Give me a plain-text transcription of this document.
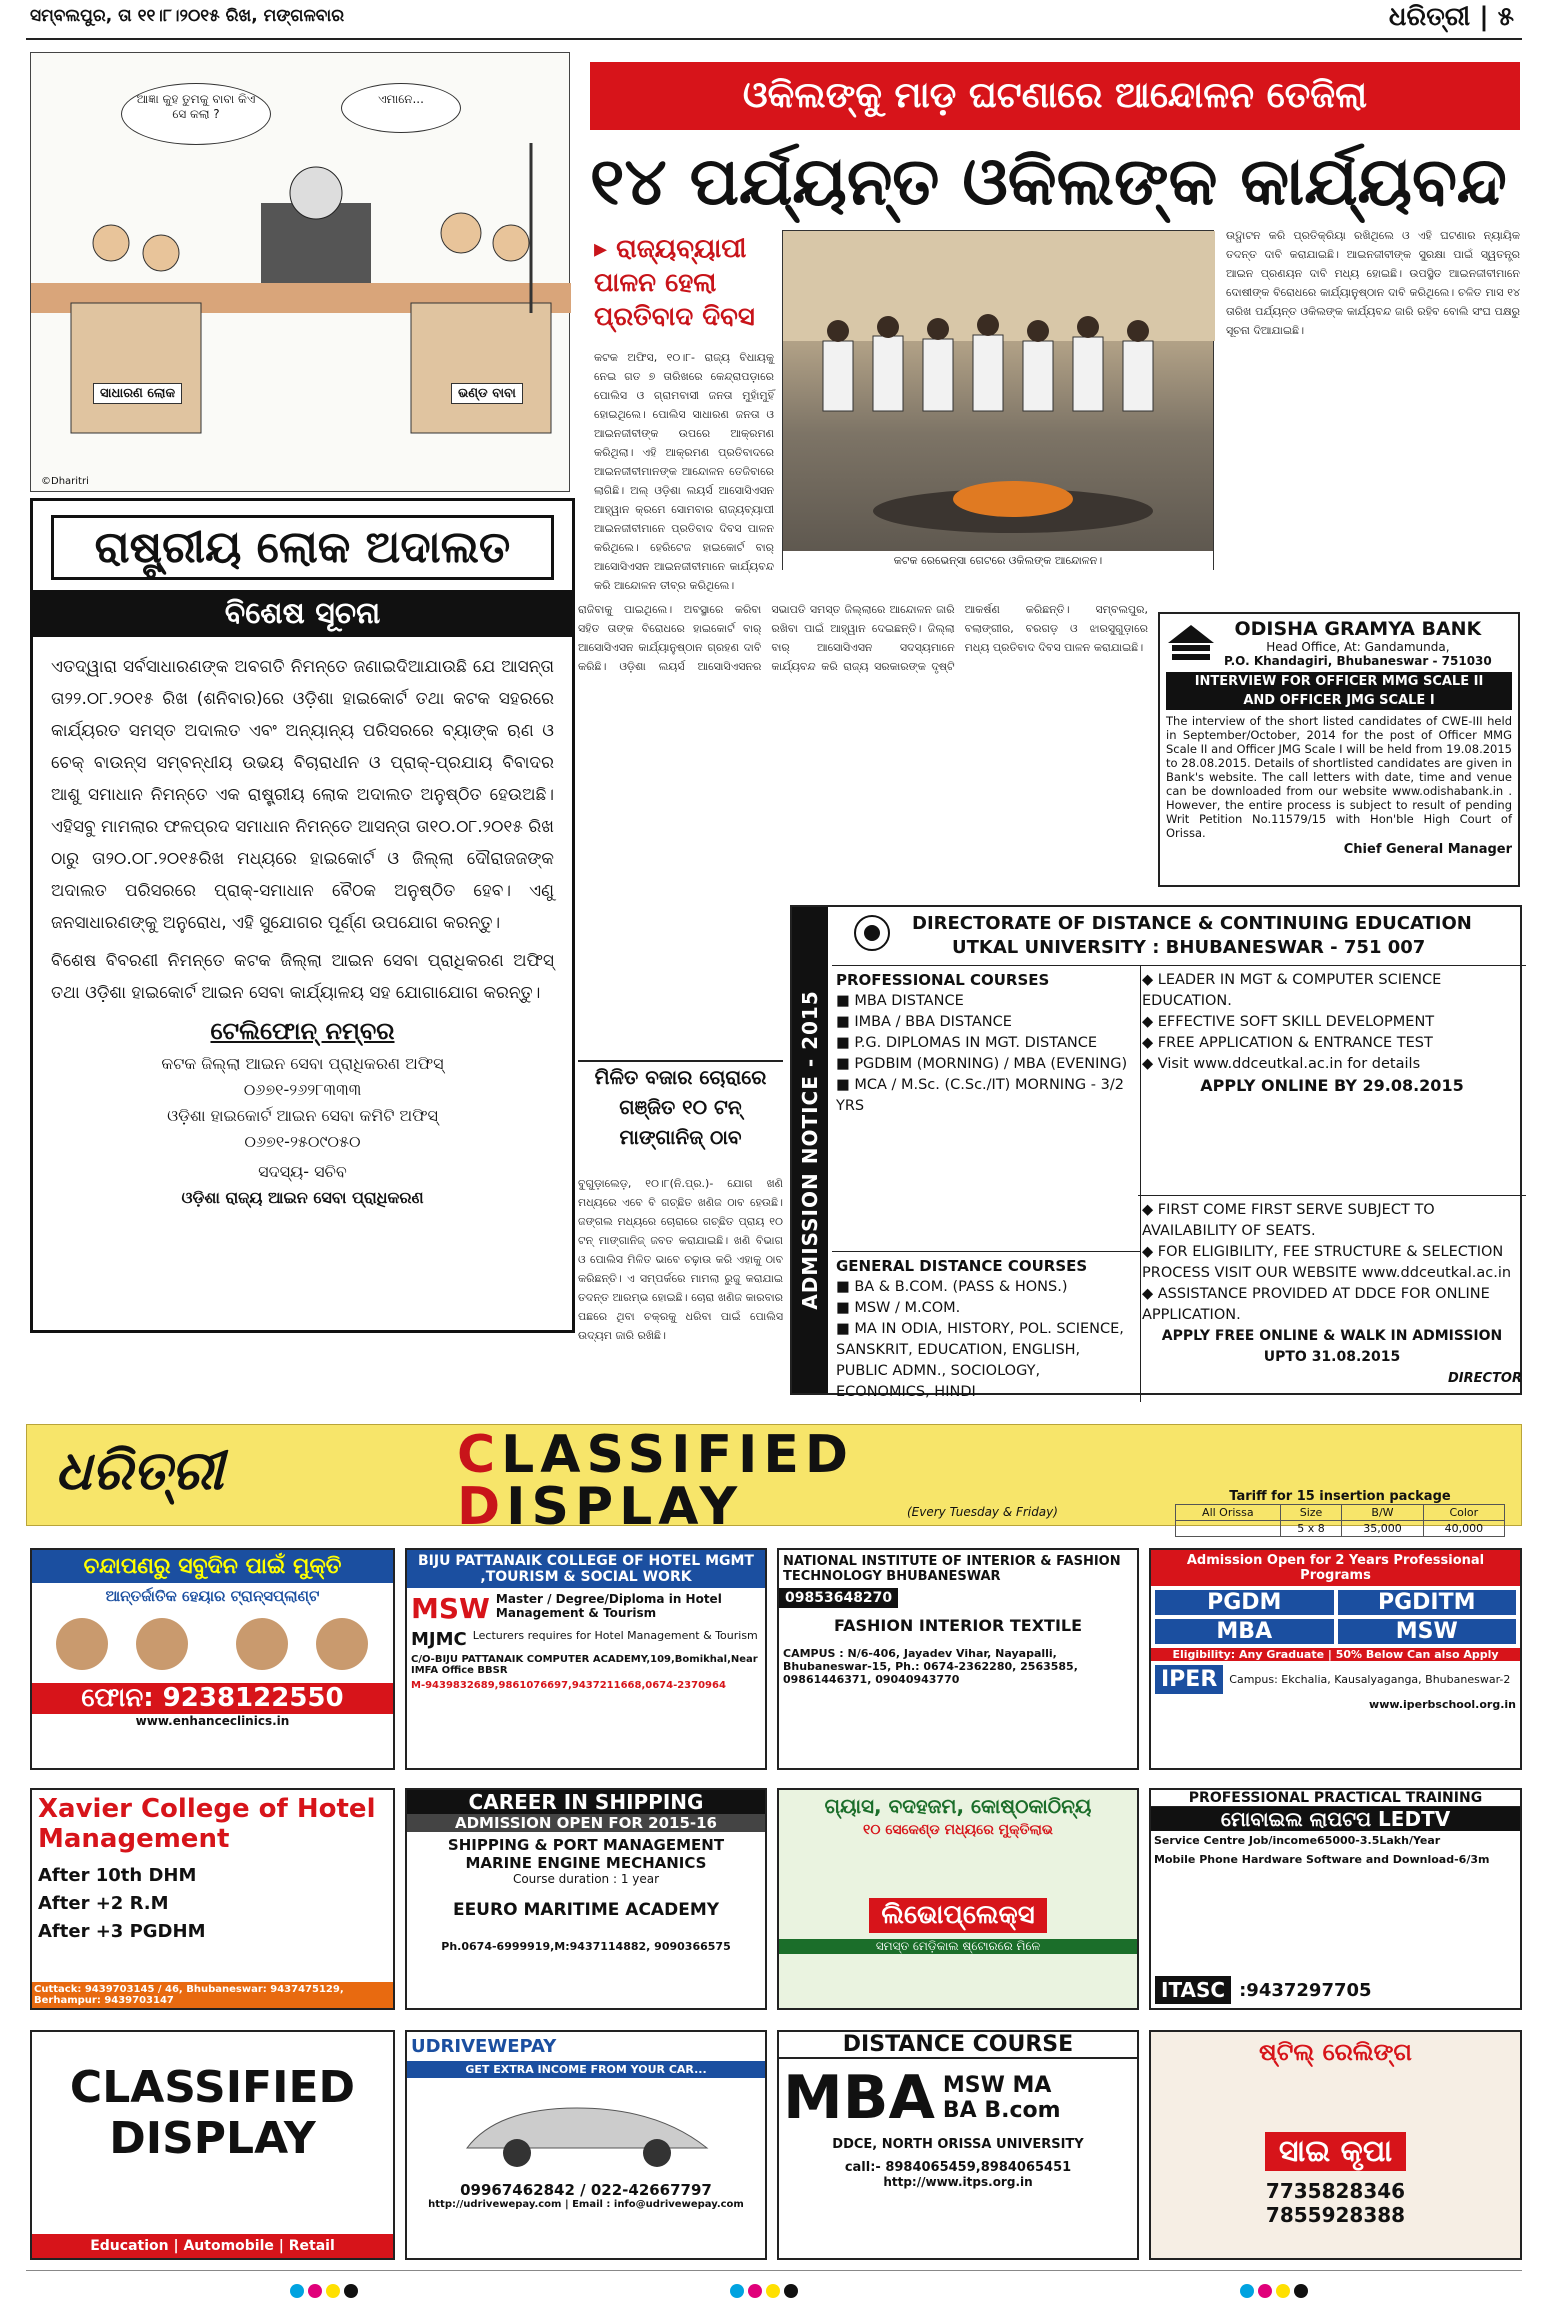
ସମ୍ବଲପୁର, ତା ୧୧।୮।୨୦୧୫ ରିଖ, ମଙ୍ଗଳବାର	ଧରିତ୍ରୀ | ୫
ଆଜ୍ଞା କୁହ ତୁମକୁ ବାବା କିଏ ସେ କଲା ?
ଏମାନେ...
ସାଧାରଣ ଲୋକ	ଭଣ୍ଡ ବାବା
©Dharitri
ଓକିଲଙ୍କୁ ମାଡ଼ ଘଟଣାରେ ଆନ୍ଦୋଳନ ତେଜିଲା
୧୪ ପର୍ଯ୍ୟନ୍ତ ଓକିଲଙ୍କ କାର୍ଯ୍ୟବନ୍ଦ
▸ ରାଜ୍ୟବ୍ୟାପୀ ପାଳନ ହେଲା ପ୍ରତିବାଦ ଦିବସ
କଟକ ଅଫିସ, ୧୦।୮- ରାଜ୍ୟ ବିଧାୟକୁ ନେଇ ଗତ ୭ ତାରିଖରେ କେନ୍ଦ୍ରାପଡ଼ାରେ ପୋଲିସ ଓ ଗ୍ରାମବାସୀ ଜନତା ମୁହାଁମୁହିଁ ହୋଇଥିଲେ। ପୋଲିସ ସାଧାରଣ ଜନତା ଓ ଆଇନଜୀବୀଙ୍କ ଉପରେ ଆକ୍ରମଣ କରିଥିଲା। ଏହି ଆକ୍ରମଣ ପ୍ରତିବାଦରେ ଆଇନଜୀବୀମାନଙ୍କ ଆନ୍ଦୋଳନ ତେଜିବାରେ ଲାଗିଛି। ଅଲ୍ ଓଡ଼ିଶା ଲୟର୍ସ ଆସୋସିଏସନ ଆହ୍ୱାନ କ୍ରମେ ସୋମବାର ରାଜ୍ୟବ୍ୟାପୀ ଆଇନଜୀବୀମାନେ ପ୍ରତିବାଦ ଦିବସ ପାଳନ କରିଥିଲେ। ହେରିଟେଜ ହାଇକୋର୍ଟ ବାର୍ ଆସୋସିଏସନ ଆଇନଜୀବୀମାନେ କାର୍ଯ୍ୟବନ୍ଦ କରି ଆନ୍ଦୋଳନ ତୀବ୍ର କରିଥିଲେ।
କଟକ ରେଭେନ୍ସା ଗେଟରେ ଓକିଲଙ୍କ ଆନ୍ଦୋଳନ।
ଉଦ୍ଘାଟନ କରି ପ୍ରତିକ୍ରିୟା ରଖିଥିଲେ ଓ ଏହି ଘଟଣାର ନ୍ୟାୟିକ ତଦନ୍ତ ଦାବି କରାଯାଇଛି। ଆଇନଜୀବୀଙ୍କ ସୁରକ୍ଷା ପାଇଁ ସ୍ୱତନ୍ତ୍ର ଆଇନ ପ୍ରଣୟନ ଦାବି ମଧ୍ୟ ହୋଇଛି। ଉପସ୍ଥିତ ଆଇନଜୀବୀମାନେ ଦୋଷୀଙ୍କ ବିରୋଧରେ କାର୍ଯ୍ୟାନୁଷ୍ଠାନ ଦାବି କରିଥିଲେ। ଚଳିତ ମାସ ୧୪ ତାରିଖ ପର୍ଯ୍ୟନ୍ତ ଓକିଲଙ୍କ କାର୍ଯ୍ୟବନ୍ଦ ଜାରି ରହିବ ବୋଲି ସଂଘ ପକ୍ଷରୁ ସୂଚନା ଦିଆଯାଇଛି।
ରାଷ୍ଟ୍ରୀୟ ଲୋକ ଅଦାଲତ
ବିଶେଷ ସୂଚନା
ଏତଦ୍ୱାରା ସର୍ବସାଧାରଣଙ୍କ ଅବଗତି ନିମନ୍ତେ ଜଣାଇଦିଆଯାଉଛି ଯେ ଆସନ୍ତା ତା୨୨.୦୮.୨୦୧୫ ରିଖ (ଶନିବାର)ରେ ଓଡ଼ିଶା ହାଇକୋର୍ଟ ତଥା କଟକ ସହରରେ କାର୍ଯ୍ୟରତ ସମସ୍ତ ଅଦାଲତ ଏବଂ ଅନ୍ୟାନ୍ୟ ପରିସରରେ ବ୍ୟାଙ୍କ ଋଣ ଓ ଚେକ୍ ବାଉନ୍ସ ସମ୍ବନ୍ଧୀୟ ଉଭୟ ବିଚାରାଧୀନ ଓ ପ୍ରାକ୍-ପ୍ରଯାୟ ବିବାଦର ଆଶୁ ସମାଧାନ ନିମନ୍ତେ ଏକ ରାଷ୍ଟ୍ରୀୟ ଲୋକ ଅଦାଲତ ଅନୁଷ୍ଠିତ ହେଉଅଛି। ଏହିସବୁ ମାମଲାର ଫଳପ୍ରଦ ସମାଧାନ ନିମନ୍ତେ ଆସନ୍ତା ତା୧୦.୦୮.୨୦୧୫ ରିଖ ଠାରୁ ତା୨୦.୦୮.୨୦୧୫ରିଖ ମଧ୍ୟରେ ହାଇକୋର୍ଟ ଓ ଜିଲ୍ଲା ଦୌରାଜଜଙ୍କ ଅଦାଲତ ପରିସରରେ ପ୍ରାକ୍-ସମାଧାନ ବୈଠକ ଅନୁଷ୍ଠିତ ହେବ। ଏଣୁ ଜନସାଧାରଣଙ୍କୁ ଅନୁରୋଧ, ଏହି ସୁଯୋଗର ପୂର୍ଣ୍ଣ ଉପଯୋଗ କରନ୍ତୁ।
ବିଶେଷ ବିବରଣୀ ନିମନ୍ତେ କଟକ ଜିଲ୍ଲା ଆଇନ ସେବା ପ୍ରାଧିକରଣ ଅଫିସ୍ ତଥା ଓଡ଼ିଶା ହାଇକୋର୍ଟ ଆଇନ ସେବା କାର୍ଯ୍ୟାଳୟ ସହ ଯୋଗାଯୋଗ କରନ୍ତୁ।
ଟେଲିଫୋନ୍ ନମ୍ବର
କଟକ ଜିଲ୍ଲା ଆଇନ ସେବା ପ୍ରାଧିକରଣ ଅଫିସ୍
୦୬୭୧-୨୬୨୮୩୩୩
ଓଡ଼ିଶା ହାଇକୋର୍ଟ ଆଇନ ସେବା କମିଟି ଅଫିସ୍
୦୬୭୧-୨୫୦୯୦୫୦
ସଦସ୍ୟ- ସଚିବ
ଓଡ଼ିଶା ରାଜ୍ୟ ଆଇନ ସେବା ପ୍ରାଧିକରଣ
ରାଜିବାକୁ ପାଇଥିଲେ। ଅବସ୍ଥାରେ କରିବା ସହିତ ତାଙ୍କ ବିରୋଧରେ ହାଇକୋର୍ଟ ବାର୍ ଆସୋସିଏସନ କାର୍ଯ୍ୟାନୁଷ୍ଠାନ ଗ୍ରହଣ ଦାବି କରିଛି। ଓଡ଼ିଶା ଲୟର୍ସ ଆସୋସିଏସନର ସଭାପତି ସମସ୍ତ ଜିଲ୍ଲାରେ ଆନ୍ଦୋଳନ ଜାରି ରଖିବା ପାଇଁ ଆହ୍ୱାନ ଦେଇଛନ୍ତି। ଜିଲ୍ଲା ବାର୍ ଆସୋସିଏସନ ସଦସ୍ୟମାନେ କାର୍ଯ୍ୟବନ୍ଦ କରି ରାଜ୍ୟ ସରକାରଙ୍କ ଦୃଷ୍ଟି ଆକର୍ଷଣ କରିଛନ୍ତି। ସମ୍ବଲପୁର, ବଲାଙ୍ଗୀର, ବରଗଡ଼ ଓ ଝାରସୁଗୁଡ଼ାରେ ମଧ୍ୟ ପ୍ରତିବାଦ ଦିବସ ପାଳନ କରାଯାଇଛି।
ମିଳିତ ବଜାର ଚୋରାରେ ଗଞ୍ଜିତ ୧୦ ଟନ୍ ମାଙ୍ଗାନିଜ୍ ଠାବ
ବୁଗୁଡ଼ାଲେଡ଼, ୧୦।୮(ନି.ପ୍ର.)- ଯୋଗ ଖଣି ମଧ୍ୟରେ ଏବେ ବି ଗଚ୍ଛିତ ଖଣିଜ ଠାବ ହେଉଛି। ଜଙ୍ଗଲ ମଧ୍ୟରେ ଚୋରାରେ ଗଚ୍ଛିତ ପ୍ରାୟ ୧୦ ଟନ୍ ମାଙ୍ଗାନିଜ୍ ଜବତ କରାଯାଇଛି। ଖଣି ବିଭାଗ ଓ ପୋଲିସ ମିଳିତ ଭାବେ ଚଢ଼ାଉ କରି ଏହାକୁ ଠାବ କରିଛନ୍ତି। ଏ ସମ୍ପର୍କରେ ମାମଲା ରୁଜୁ କରାଯାଇ ତଦନ୍ତ ଆରମ୍ଭ ହୋଇଛି। ଚୋରା ଖଣିଜ କାରବାର ପଛରେ ଥିବା ଚକ୍ରକୁ ଧରିବା ପାଇଁ ପୋଲିସ ଉଦ୍ୟମ ଜାରି ରଖିଛି।
ODISHA GRAMYA BANK
Head Office, At: Gandamunda,
P.O. Khandagiri, Bhubaneswar - 751030
INTERVIEW FOR OFFICER MMG SCALE II
AND OFFICER JMG SCALE I
The interview of the short listed candidates of CWE-III held in September/October, 2014 for the post of Officer MMG Scale II and Officer JMG Scale I will be held from 19.08.2015 to 28.08.2015. Details of shortlisted candidates are given in Bank's website. The call letters with date, time and venue can be downloaded from our website www.odishabank.in . However, the entire process is subject to result of pending Writ Petition No.11579/15 with Hon'ble High Court of Orissa.
Chief General Manager
ADMISSION NOTICE - 2015
DIRECTORATE OF DISTANCE & CONTINUING EDUCATION
UTKAL UNIVERSITY : BHUBANESWAR - 751 007
PROFESSIONAL COURSES
■ MBA DISTANCE
■ IMBA / BBA DISTANCE
■ P.G. DIPLOMAS IN MGT. DISTANCE
■ PGDBIM (MORNING) / MBA (EVENING)
■ MCA / M.Sc. (C.Sc./IT) MORNING - 3/2 YRS
◆ LEADER IN MGT & COMPUTER SCIENCE EDUCATION.
◆ EFFECTIVE SOFT SKILL DEVELOPMENT
◆ FREE APPLICATION & ENTRANCE TEST
◆ Visit www.ddceutkal.ac.in for details
APPLY ONLINE BY 29.08.2015
GENERAL DISTANCE COURSES
■ BA & B.COM. (PASS & HONS.)
■ MSW / M.COM.
■ MA IN ODIA, HISTORY, POL. SCIENCE, SANSKRIT, EDUCATION, ENGLISH, PUBLIC ADMN., SOCIOLOGY, ECONOMICS, HINDI
◆ FIRST COME FIRST SERVE SUBJECT TO AVAILABILITY OF SEATS.
◆ FOR ELIGIBILITY, FEE STRUCTURE & SELECTION PROCESS VISIT OUR WEBSITE www.ddceutkal.ac.in
◆ ASSISTANCE PROVIDED AT DDCE FOR ONLINE APPLICATION.
APPLY FREE ONLINE & WALK IN ADMISSION UPTO 31.08.2015
DIRECTOR
ଧରିତ୍ରୀ	CLASSIFIED
DISPLAY	(Every Tuesday & Friday)
Tariff for 15 insertion package
All Orissa	Size	B/W	Color
	5 x 8	35,000	40,000
ଚନ୍ଦାପଣରୁ ସବୁଦିନ ପାଇଁ ମୁକ୍ତି
ଆନ୍ତର୍ଜାତିକ ହେୟାର ଟ୍ରାନ୍ସପ୍ଲାଣ୍ଟ
ଫୋନ: 9238122550
www.enhanceclinics.in
BIJU PATTANAIK COLLEGE OF HOTEL MGMT ,TOURISM & SOCIAL WORK
MSW Master / Degree/Diploma in Hotel Management & Tourism
MJMC Lecturers requires for Hotel Management & Tourism
C/O-BIJU PATTANAIK COMPUTER ACADEMY,109,Bomikhal,Near IMFA Office BBSR
M-9439832689,9861076697,9437211668,0674-2370964
NATIONAL INSTITUTE OF INTERIOR & FASHION TECHNOLOGY BHUBANESWAR
09853648270
FASHION INTERIOR TEXTILE
CAMPUS : N/6-406, Jayadev Vihar, Nayapalli, Bhubaneswar-15, Ph.: 0674-2362280, 2563585, 09861446371, 09040943770
Admission Open for 2 Years Professional Programs
PGDM	PGDITM
MBA	MSW
Eligibility: Any Graduate | 50% Below Can also Apply
IPER	Campus: Ekchalia, Kausalyaganga, Bhubaneswar-2
www.iperbschool.org.in
Xavier College of Hotel Management
After 10th DHM
After +2 R.M
After +3 PGDHM
Cuttack: 9439703145 / 46, Bhubaneswar: 9437475129, Berhampur: 9439703147
CAREER IN SHIPPING
ADMISSION OPEN FOR 2015-16
SHIPPING & PORT MANAGEMENT
MARINE ENGINE MECHANICS
Course duration : 1 year
EEURO MARITIME ACADEMY
Ph.0674-6999919,M:9437114882, 9090366575
ଗ୍ୟାସ, ବଦହଜମ, କୋଷ୍ଠକାଠିନ୍ୟ
୧୦ ସେକେଣ୍ଡ ମଧ୍ୟରେ ମୁକ୍ତିଲାଭ
ଲିଭୋପ୍ଲେକ୍ସ
ସମସ୍ତ ମେଡ଼ିକାଲ ଷ୍ଟୋରରେ ମିଳେ
PROFESSIONAL PRACTICAL TRAINING
ମୋବାଇଲ ଲାପଟପ LEDTV
Service Centre Job/income65000-3.5Lakh/Year
Mobile Phone Hardware Software and Download-6/3m
ITASC :9437297705
CLASSIFIED
DISPLAY
Education | Automobile | Retail
UDRIVEWEPAY
GET EXTRA INCOME FROM YOUR CAR...
09967462842 / 022-42667797
http://udrivewepay.com | Email : info@udrivewepay.com
DISTANCE COURSE
MBA MSW MA
BA B.com
DDCE, NORTH ORISSA UNIVERSITY
call:- 8984065459,8984065451
http://www.itps.org.in
ଷ୍ଟିଲ୍ ରେଲିଙ୍ଗ
ସାଇ କୃପା
7735828346
7855928388
